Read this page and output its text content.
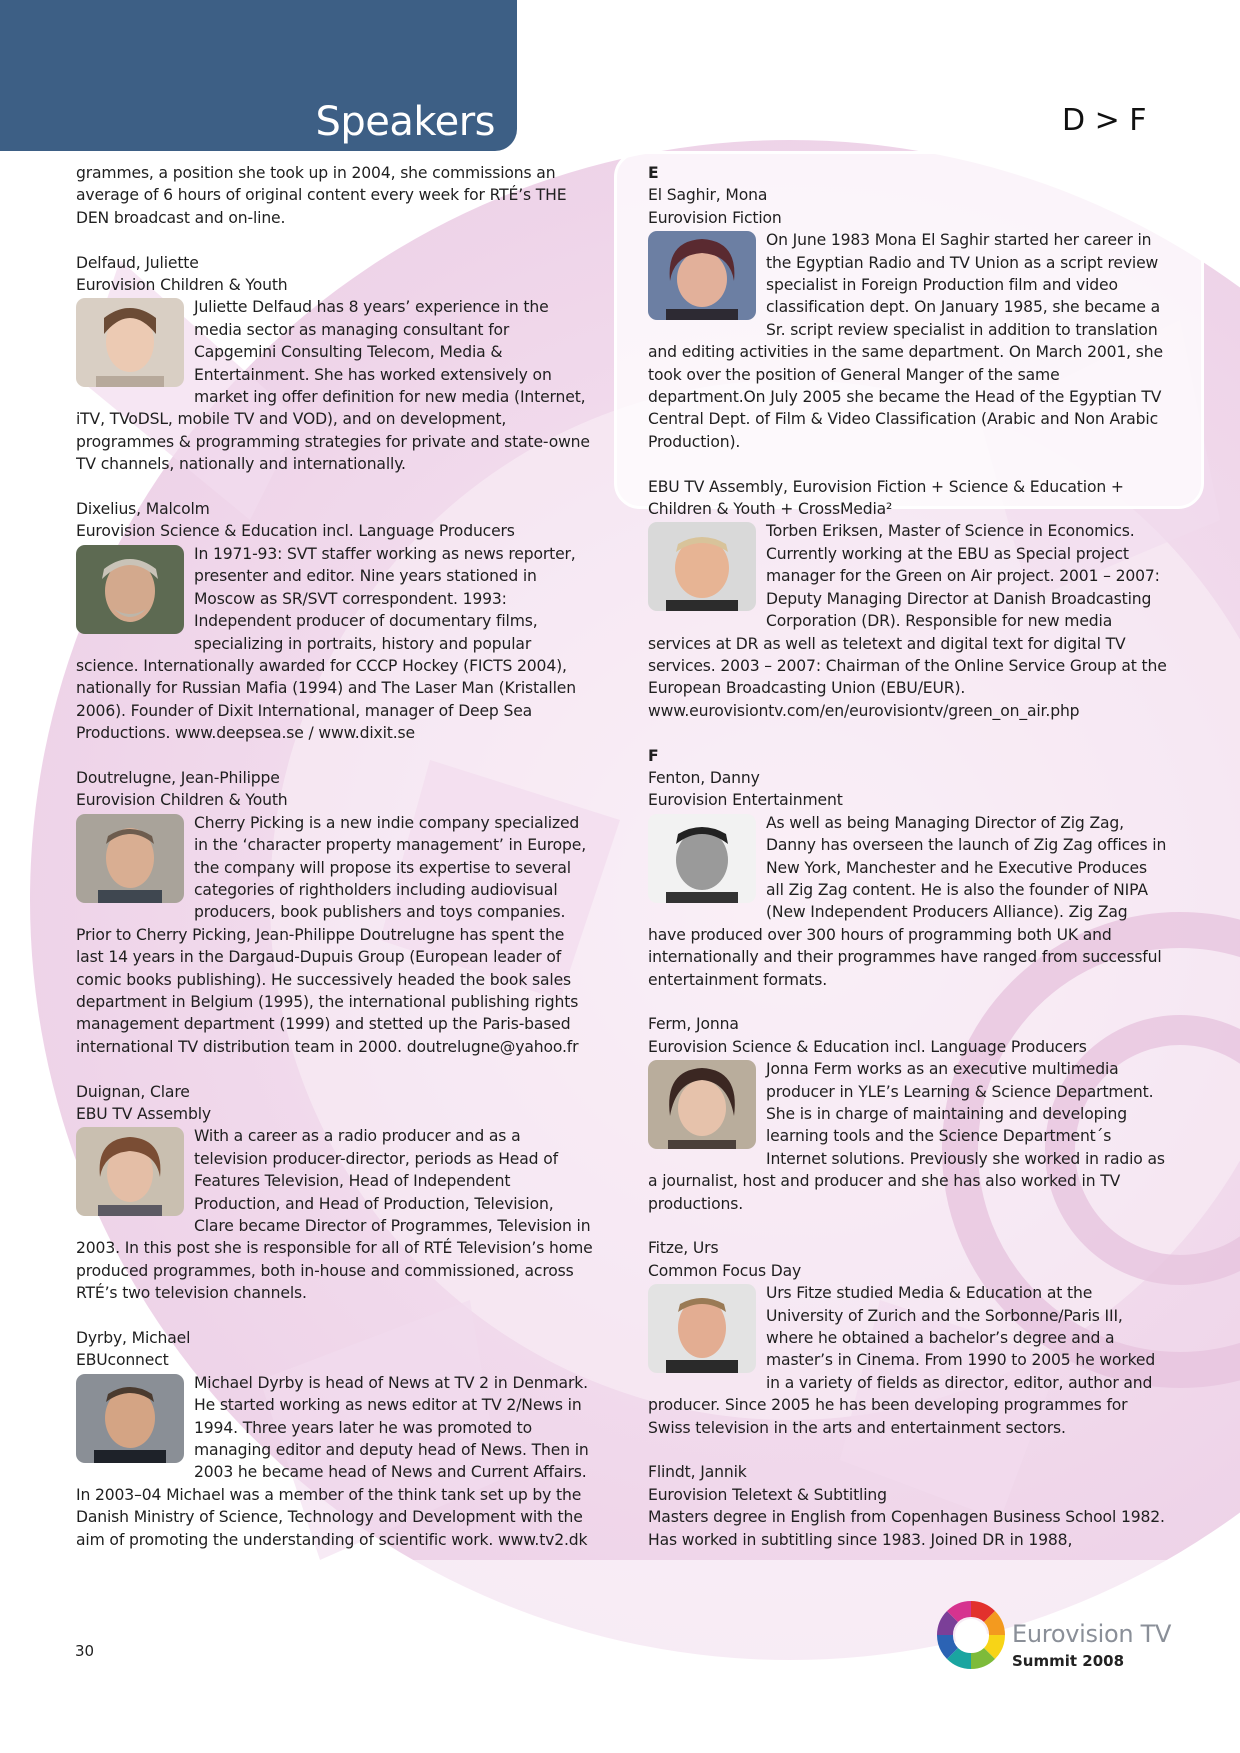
Speakers	D > F

grammes, a position she took up in 2004, she commissions an average of 6 hours of original content every week for RTÉ’s THE DEN broadcast and on-line.

Delfaud, Juliette
Eurovision Children & Youth

Juliette Delfaud has 8 years’ experience in the media sector as managing consultant for Capgemini Consulting Telecom, Media & Entertainment. She has worked extensively on market ing offer definition for new media (Internet, iTV, TVoDSL, mobile TV and VOD), and on development, programmes & programming strategies for private and state-owne TV channels, nationally and internationally.

Dixelius, Malcolm
Eurovision Science & Education incl. Language Producers

In 1971-93: SVT staffer working as news reporter, presenter and editor. Nine years stationed in Moscow as SR/SVT correspondent. 1993: Independent producer of documentary films, specializing in portraits, history and popular science. Internationally awarded for CCCP Hockey (FICTS 2004), nationally for Russian Mafia (1994) and The Laser Man (Kristallen 2006). Founder of Dixit International, manager of Deep Sea Productions. www.deepsea.se / www.dixit.se

Doutrelugne, Jean-Philippe
Eurovision Children & Youth

Cherry Picking is a new indie company specialized in the ‘character property management’ in Europe, the company will propose its expertise to several categories of rightholders including audiovisual producers, book publishers and toys companies. Prior to Cherry Picking, Jean-Philippe Doutrelugne has spent the last 14 years in the Dargaud-Dupuis Group (European leader of comic books publishing). He successively headed the book sales department in Belgium (1995), the international publishing rights management department (1999) and stetted up the Paris-based international TV distribution team in 2000. doutrelugne@yahoo.fr

Duignan, Clare
EBU TV Assembly

With a career as a radio producer and as a television producer-director, periods as Head of Features Television, Head of Independent Production, and Head of Production, Television, Clare became Director of Programmes, Television in 2003. In this post she is responsible for all of RTÉ Television’s home produced programmes, both in-house and commissioned, across RTÉ’s two television channels.

Dyrby, Michael
EBUconnect

Michael Dyrby is head of News at TV 2 in Denmark. He started working as news editor at TV 2/News in 1994. Three years later he was promoted to managing editor and deputy head of News. Then in 2003 he became head of News and Current Affairs. In 2003–04 Michael was a member of the think tank set up by the Danish Ministry of Science, Technology and Development with the aim of promoting the understanding of scientific work. www.tv2.dk

E
El Saghir, Mona
Eurovision Fiction

On June 1983 Mona El Saghir started her career in the Egyptian Radio and TV Union as a script review specialist in Foreign Production film and video classification dept. On January 1985, she became a Sr. script review specialist in addition to translation and editing activities in the same department. On March 2001, she took over the position of General Manger of the same department.On July 2005 she became the Head of the Egyptian TV Central Dept. of Film & Video Classification (Arabic and Non Arabic Production).

EBU TV Assembly, Eurovision Fiction + Science & Education + Children & Youth + CrossMedia²

Torben Eriksen, Master of Science in Economics. Currently working at the EBU as Special project manager for the Green on Air project. 2001 – 2007: Deputy Managing Director at Danish Broadcasting Corporation (DR). Responsible for new media services at DR as well as teletext and digital text for digital TV services. 2003 – 2007: Chairman of the Online Service Group at the European Broadcasting Union (EBU/EUR). www.eurovisiontv.com/en/eurovisiontv/green_on_air.php

F
Fenton, Danny
Eurovision Entertainment

As well as being Managing Director of Zig Zag, Danny has overseen the launch of Zig Zag offices in New York, Manchester and he Executive Produces all Zig Zag content. He is also the founder of NIPA (New Independent Producers Alliance). Zig Zag have produced over 300 hours of programming both UK and internationally and their programmes have ranged from successful entertainment formats.

Ferm, Jonna
Eurovision Science & Education incl. Language Producers

Jonna Ferm works as an executive multimedia producer in YLE’s Learning & Science Department. She is in charge of maintaining and developing learning tools and the Science Department´s Internet solutions. Previously she worked in radio as a journalist, host and producer and she has also worked in TV productions.

Fitze, Urs
Common Focus Day

Urs Fitze studied Media & Education at the University of Zurich and the Sorbonne/Paris III, where he obtained a bachelor’s degree and a master’s in Cinema. From 1990 to 2005 he worked in a variety of fields as director, editor, author and producer. Since 2005 he has been developing programmes for Swiss television in the arts and entertainment sectors.

Flindt, Jannik
Eurovision Teletext & Subtitling

Masters degree in English from Copenhagen Business School 1982. Has worked in subtitling since 1983. Joined DR in 1988,

30
Eurovision TV
Summit 2008
